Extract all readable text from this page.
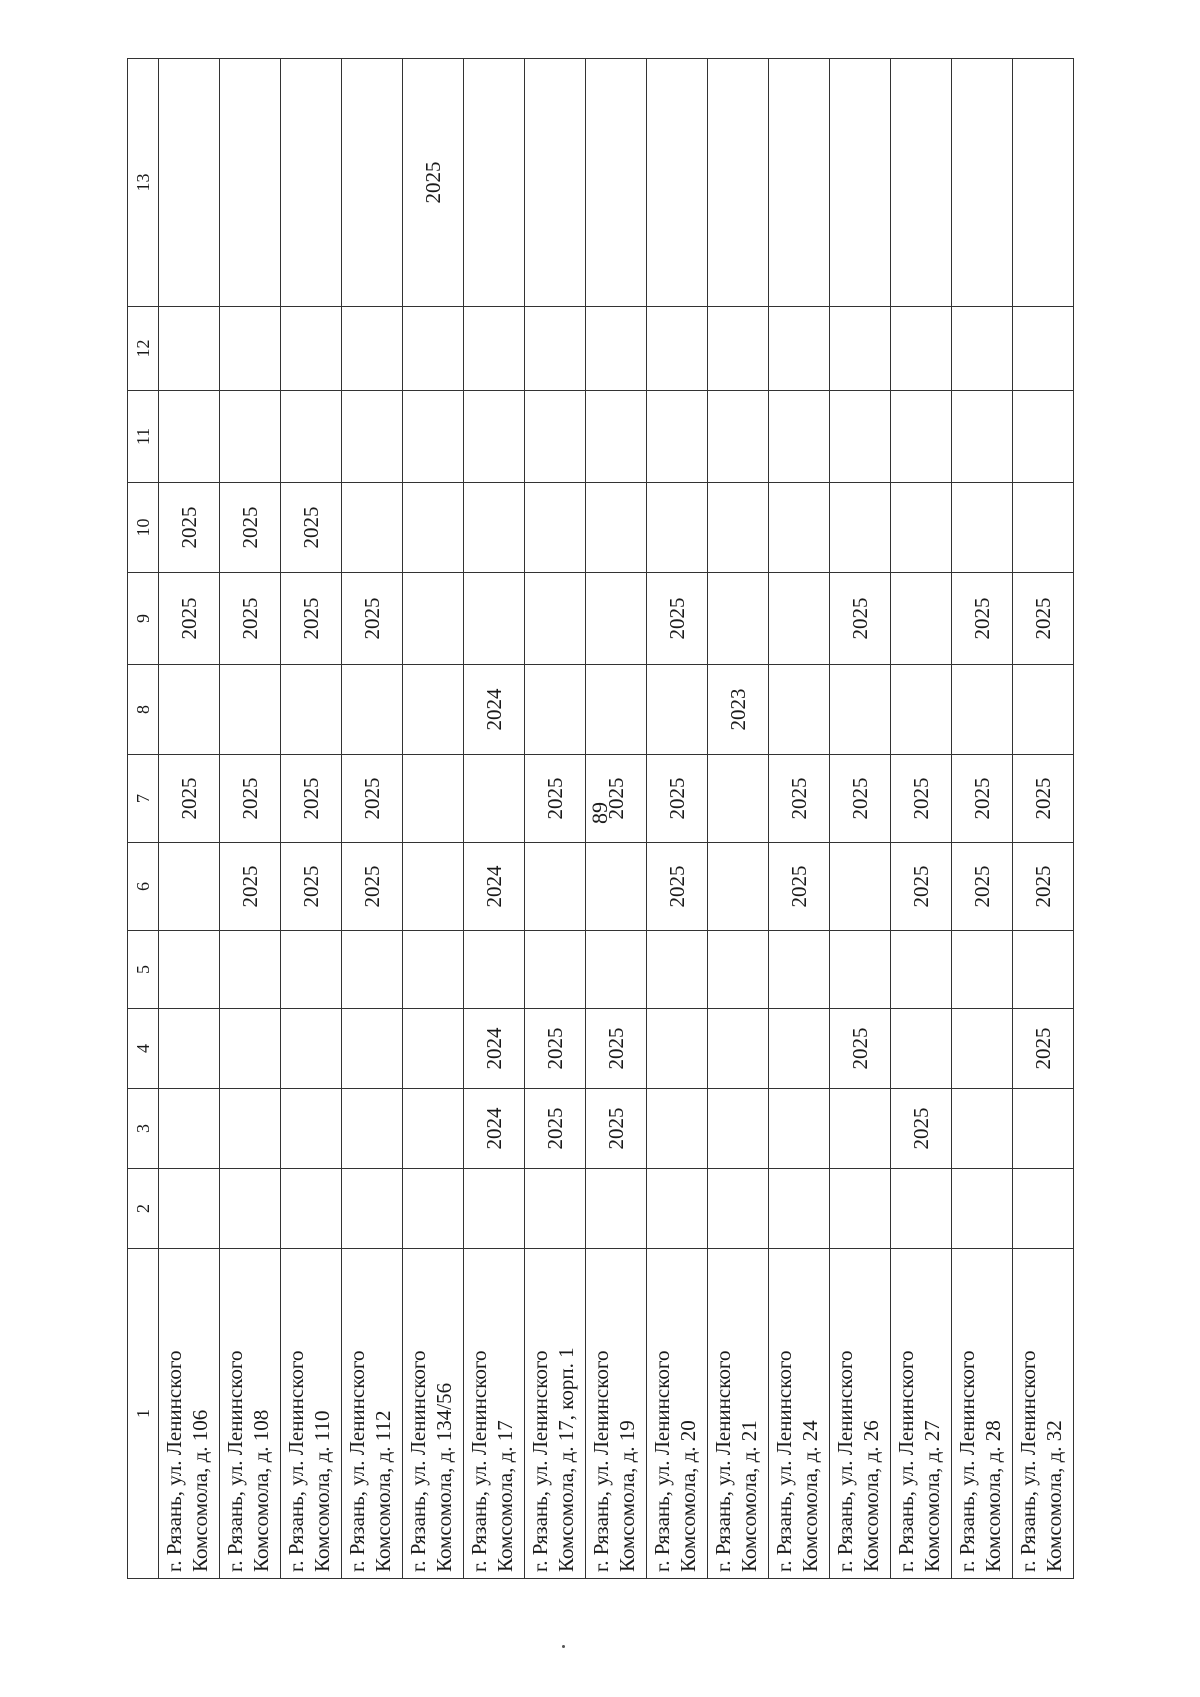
89
1	2	3	4	5	6	7	8	9	10	11	12	13
г. Рязань, ул. Ленинского Комсомола, д. 106						2025		2025	2025			
г. Рязань, ул. Ленинского Комсомола, д. 108					2025	2025		2025	2025			
г. Рязань, ул. Ленинского Комсомола, д. 110					2025	2025		2025	2025			
г. Рязань, ул. Ленинского Комсомола, д. 112					2025	2025		2025				
г. Рязань, ул. Ленинского Комсомола, д. 134/56												2025
г. Рязань, ул. Ленинского Комсомола, д. 17		2024	2024		2024		2024					
г. Рязань, ул. Ленинского Комсомола, д. 17, корп. 1		2025	2025			2025						
г. Рязань, ул. Ленинского Комсомола, д. 19		2025	2025			2025						
г. Рязань, ул. Ленинского Комсомола, д. 20					2025	2025		2025				
г. Рязань, ул. Ленинского Комсомола, д. 21							2023					
г. Рязань, ул. Ленинского Комсомола, д. 24					2025	2025						
г. Рязань, ул. Ленинского Комсомола, д. 26			2025			2025		2025				
г. Рязань, ул. Ленинского Комсомола, д. 27		2025			2025	2025						
г. Рязань, ул. Ленинского Комсомола, д. 28					2025	2025		2025				
г. Рязань, ул. Ленинского Комсомола, д. 32			2025		2025	2025		2025				
